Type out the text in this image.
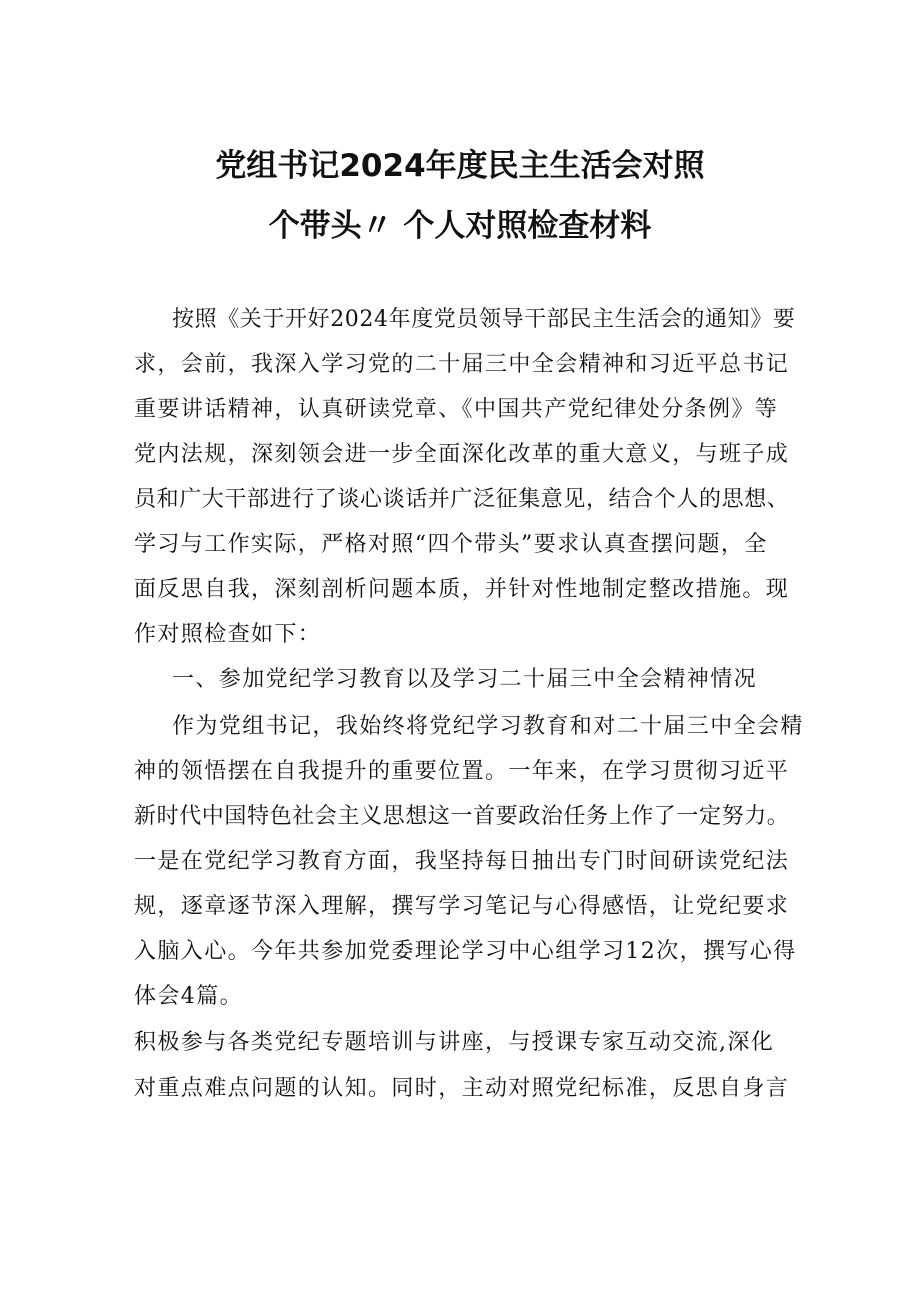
党组书记2024年度民主生活会对照
个带头〃 个人对照检查材料
按照《关于开好2024年度党员领导干部民主生活会的通知》要
求，会前，我深入学习党的二十届三中全会精神和习近平总书记
重要讲话精神，认真研读党章、《中国共产党纪律处分条例》等
党内法规，深刻领会进一步全面深化改革的重大意义，与班子成
员和广大干部进行了谈心谈话并广泛征集意见，结合个人的思想、
学习与工作实际，严格对照“四个带头”要求认真查摆问题，全
面反思自我，深刻剖析问题本质，并针对性地制定整改措施。现
作对照检查如下：
一、参加党纪学习教育以及学习二十届三中全会精神情况
作为党组书记，我始终将党纪学习教育和对二十届三中全会精
神的领悟摆在自我提升的重要位置。一年来，在学习贯彻习近平
新时代中国特色社会主义思想这一首要政治任务上作了一定努力。
一是在党纪学习教育方面，我坚持每日抽出专门时间研读党纪法
规，逐章逐节深入理解，撰写学习笔记与心得感悟，让党纪要求
入脑入心。今年共参加党委理论学习中心组学习12次，撰写心得
体会4篇。
积极参与各类党纪专题培训与讲座，与授课专家互动交流,深化
对重点难点问题的认知。同时，主动对照党纪标准，反思自身言
